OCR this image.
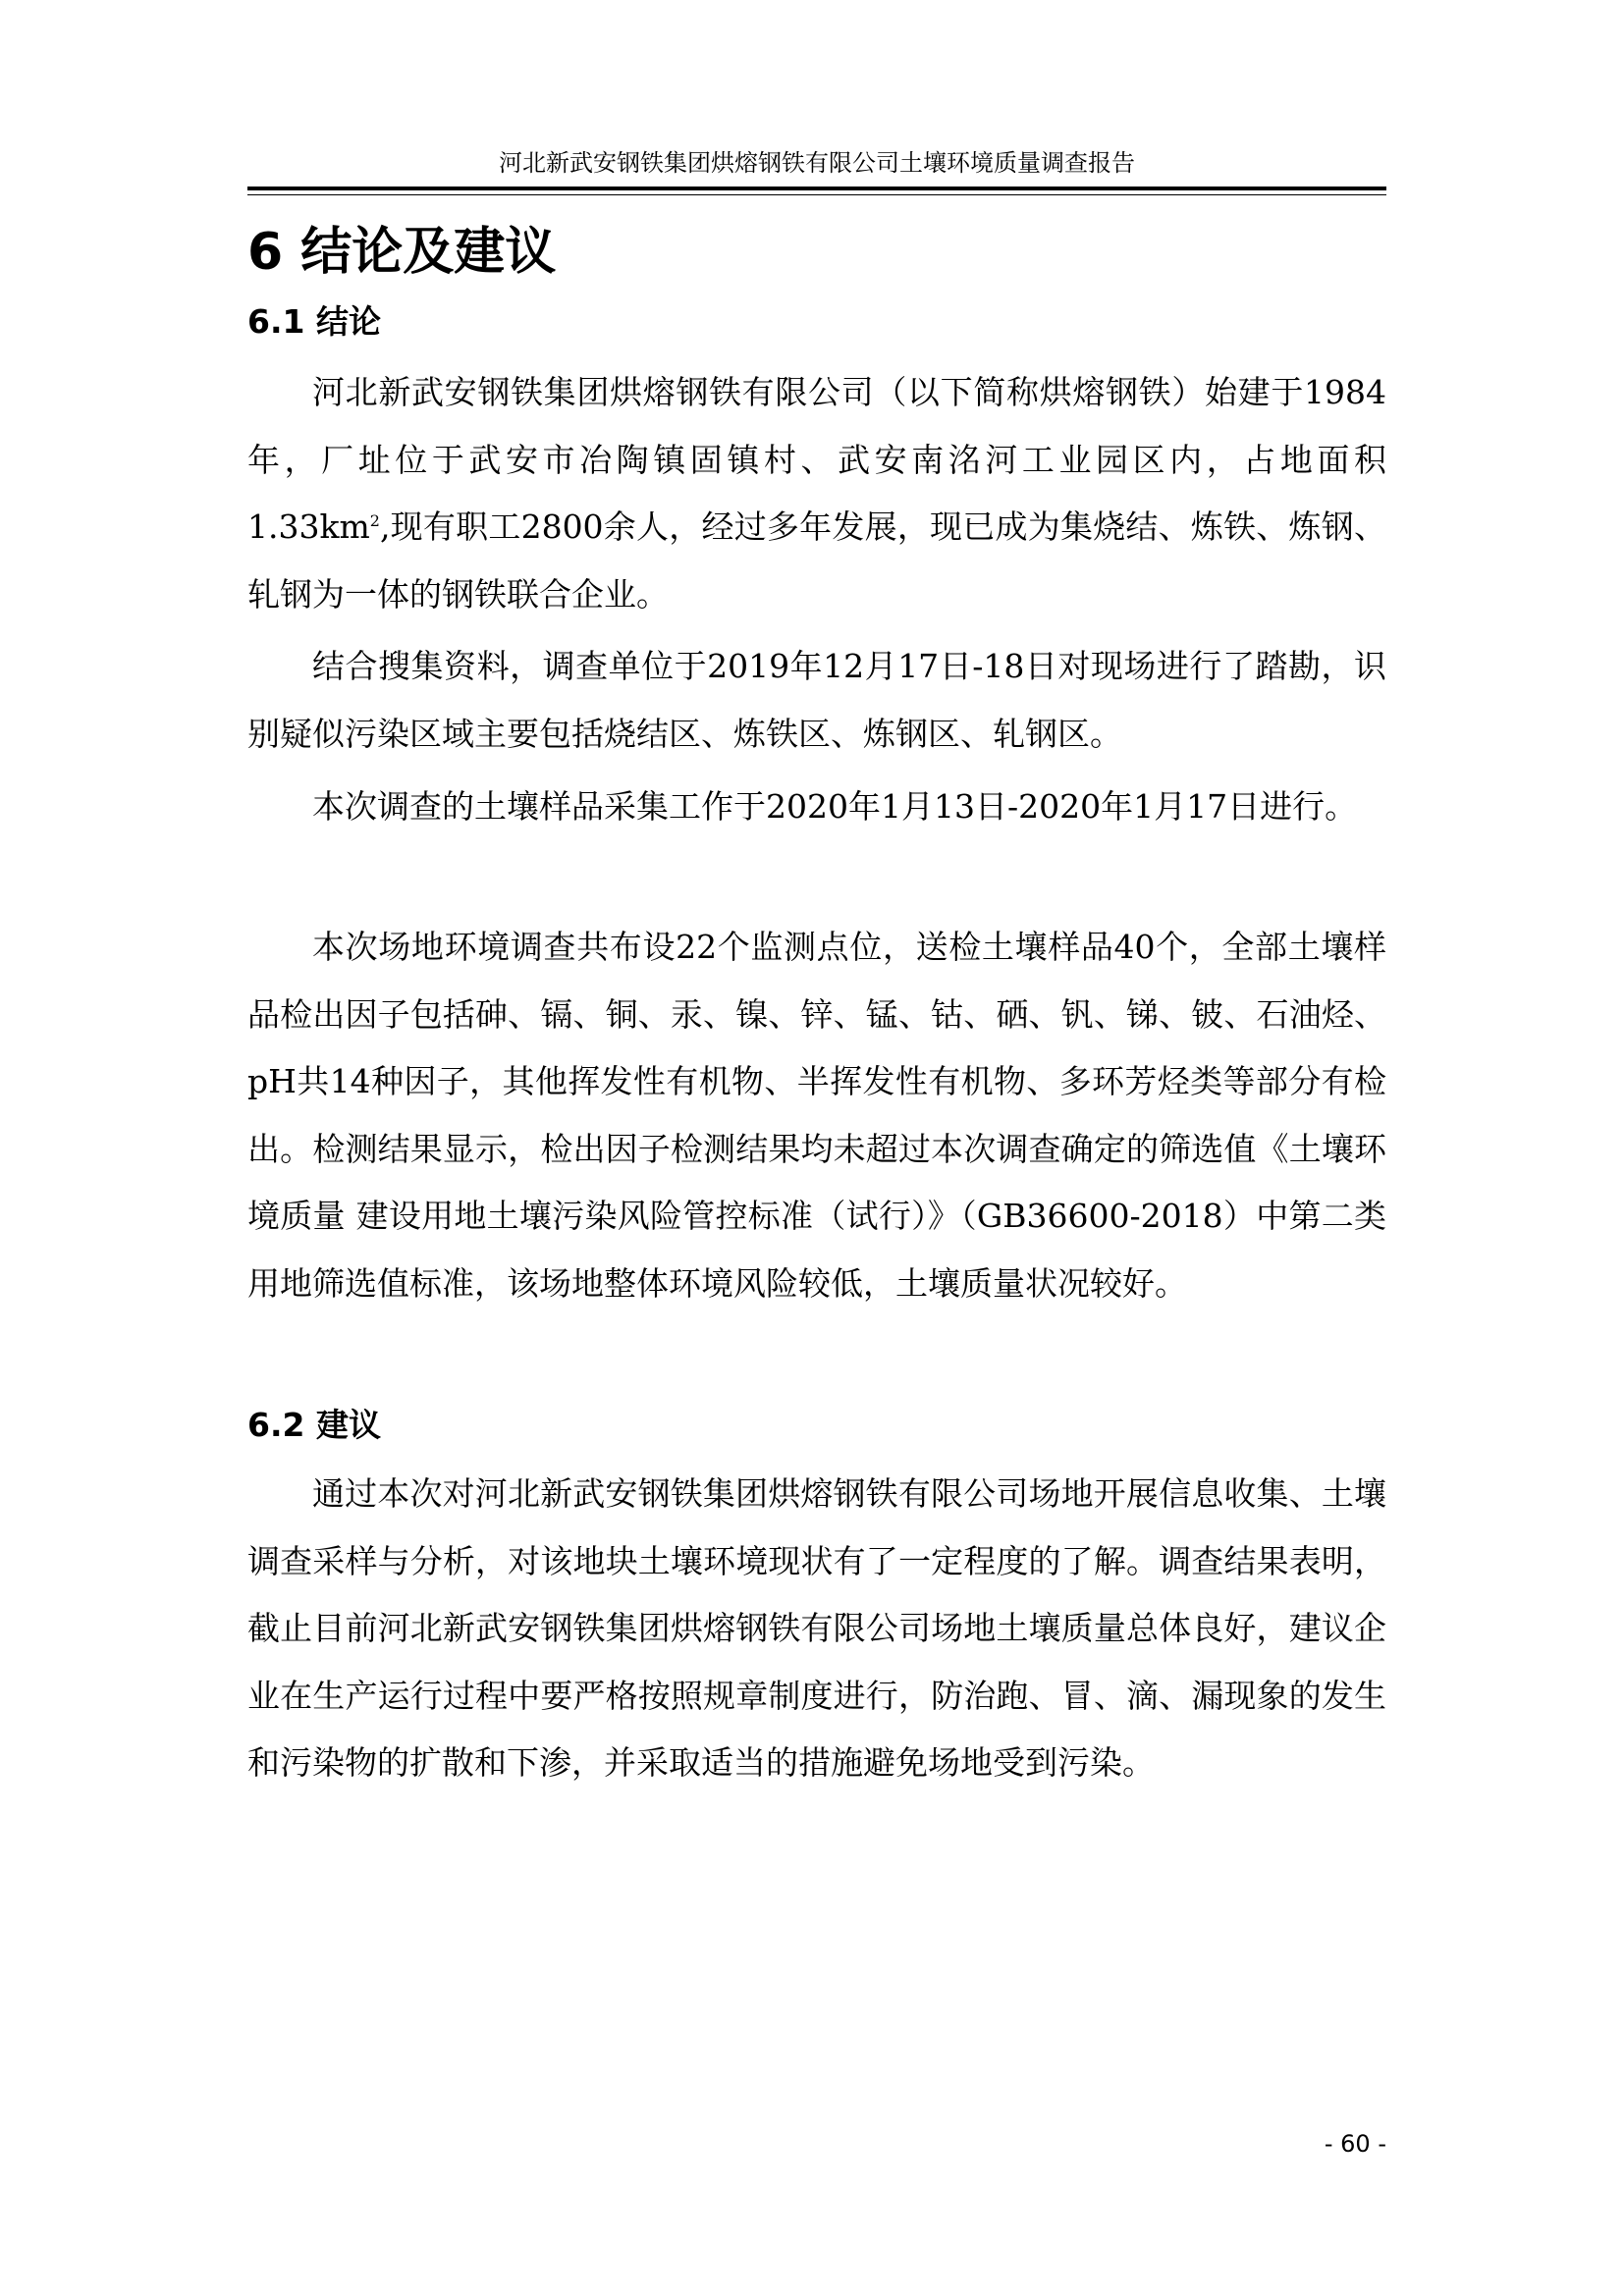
河北新武安钢铁集团烘熔钢铁有限公司土壤环境质量调查报告
6 结论及建议
6.1 结论

河北新武安钢铁集团烘熔钢铁有限公司（以下简称烘熔钢铁）始建于1984年，厂址位于武安市冶陶镇固镇村、武安南洺河工业园区内，占地面积$1.33km^2$,现有职工2800余人，经过多年发展，现已成为集烧结、炼铁、炼钢、轧钢为一体的钢铁联合企业。

结合搜集资料，调查单位于2019年12月17日-18日对现场进行了踏勘，识别疑似污染区域主要包括烧结区、炼铁区、炼钢区、轧钢区。

本次调查的土壤样品采集工作于2020年1月13日-2020年1月17日进行。

本次场地环境调查共布设22个监测点位，送检土壤样品40个，全部土壤样品检出因子包括砷、镉、铜、汞、镍、锌、锰、钴、硒、钒、锑、铍、石油烃、pH共14种因子，其他挥发性有机物、半挥发性有机物、多环芳烃类等部分有检出。检测结果显示，检出因子检测结果均未超过本次调查确定的筛选值《土壤环境质量 建设用地土壤污染风险管控标准（试行）》（GB36600-2018）中第二类用地筛选值标准，该场地整体环境风险较低，土壤质量状况较好。

6.2 建议

通过本次对河北新武安钢铁集团烘熔钢铁有限公司场地开展信息收集、土壤调查采样与分析，对该地块土壤环境现状有了一定程度的了解。调查结果表明，截止目前河北新武安钢铁集团烘熔钢铁有限公司场地土壤质量总体良好，建议企业在生产运行过程中要严格按照规章制度进行，防治跑、冒、滴、漏现象的发生和污染物的扩散和下渗，并采取适当的措施避免场地受到污染。

- 60 -
